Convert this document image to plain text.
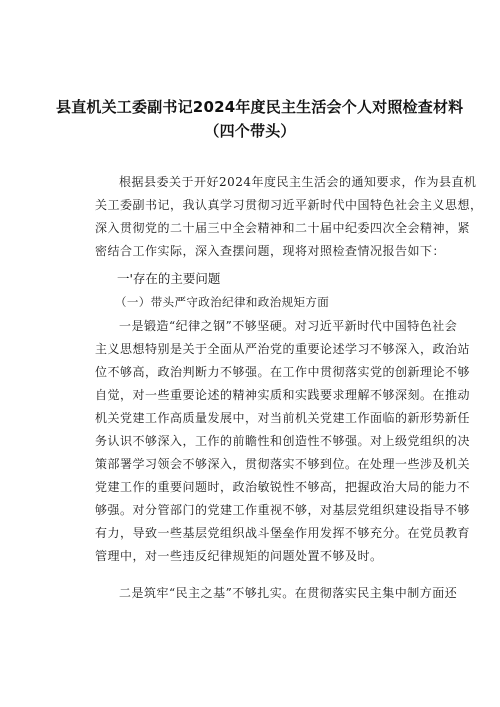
县直机关工委副书记2024年度民主生活会个人对照检查材料
（四个带头）
根据县委关于开好2024年度民主生活会的通知要求，作为县直机
关工委副书记，我认真学习贯彻习近平新时代中国特色社会主义思想，
深入贯彻党的二十届三中全会精神和二十届中纪委四次全会精神，紧
密结合工作实际，深入查摆问题，现将对照检查情况报告如下：
一'存在的主要问题
（一）带头严守政治纪律和政治规矩方面
一是锻造“纪律之钢”不够坚硬。对习近平新时代中国特色社会
主义思想特别是关于全面从严治党的重要论述学习不够深入，政治站
位不够高，政治判断力不够强。在工作中贯彻落实党的创新理论不够
自觉，对一些重要论述的精神实质和实践要求理解不够深刻。在推动
机关党建工作高质量发展中，对当前机关党建工作面临的新形势新任
务认识不够深入，工作的前瞻性和创造性不够强。对上级党组织的决
策部署学习领会不够深入，贯彻落实不够到位。在处理一些涉及机关
党建工作的重要问题时，政治敏锐性不够高，把握政治大局的能力不
够强。对分管部门的党建工作重视不够，对基层党组织建设指导不够
有力，导致一些基层党组织战斗堡垒作用发挥不够充分。在党员教育
管理中，对一些违反纪律规矩的问题处置不够及时。
二是筑牢“民主之基”不够扎实。在贯彻落实民主集中制方面还
